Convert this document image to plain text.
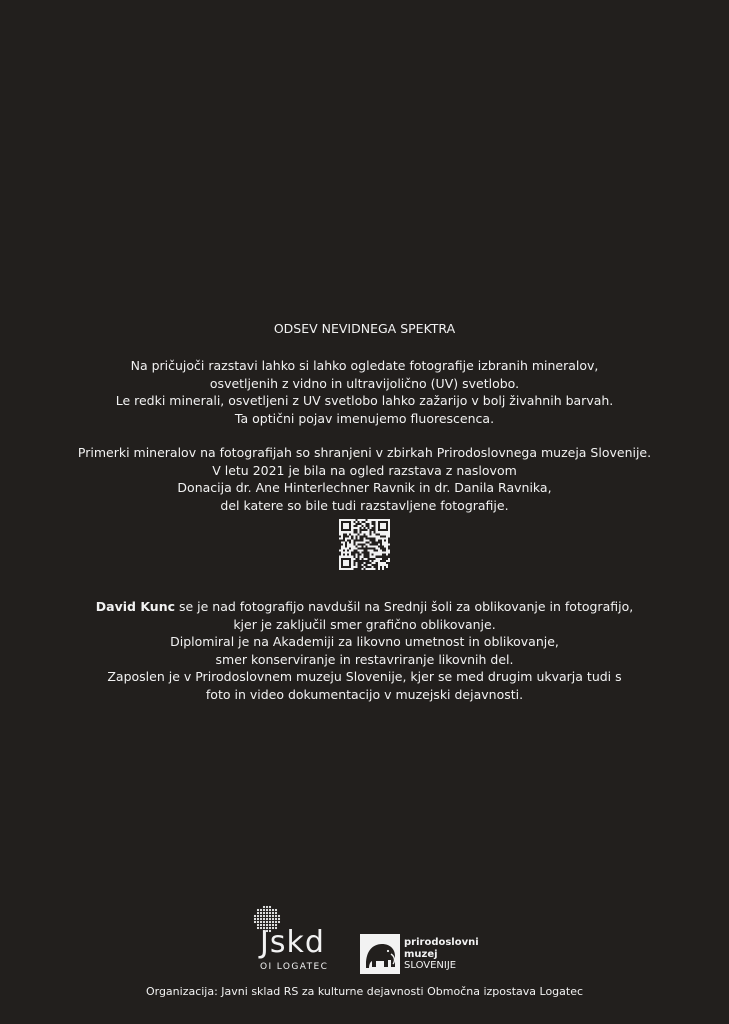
ODSEV NEVIDNEGA SPEKTRA
Na pričujoči razstavi lahko si lahko ogledate fotografije izbranih mineralov,
osvetljenih z vidno in ultravijolično (UV) svetlobo.
Le redki minerali, osvetljeni z UV svetlobo lahko zažarijo v bolj živahnih barvah.
Ta optični pojav imenujemo fluorescenca.
Primerki mineralov na fotografijah so shranjeni v zbirkah Prirodoslovnega muzeja Slovenije.
V letu 2021 je bila na ogled razstava z naslovom
Donacija dr. Ane Hinterlechner Ravnik in dr. Danila Ravnika,
del katere so bile tudi razstavljene fotografije.
David Kunc se je nad fotografijo navdušil na Srednji šoli za oblikovanje in fotografijo,
kjer je zaključil smer grafično oblikovanje.
Diplomiral je na Akademiji za likovno umetnost in oblikovanje,
smer konserviranje in restavriranje likovnih del.
Zaposlen je v Prirodoslovnem muzeju Slovenije, kjer se med drugim ukvarja tudi s
foto in video dokumentacijo v muzejski dejavnosti.
Jskd
OI LOGATEC
prirodoslovni
muzej
SLOVENIJE
Organizacija: Javni sklad RS za kulturne dejavnosti Območna izpostava Logatec
